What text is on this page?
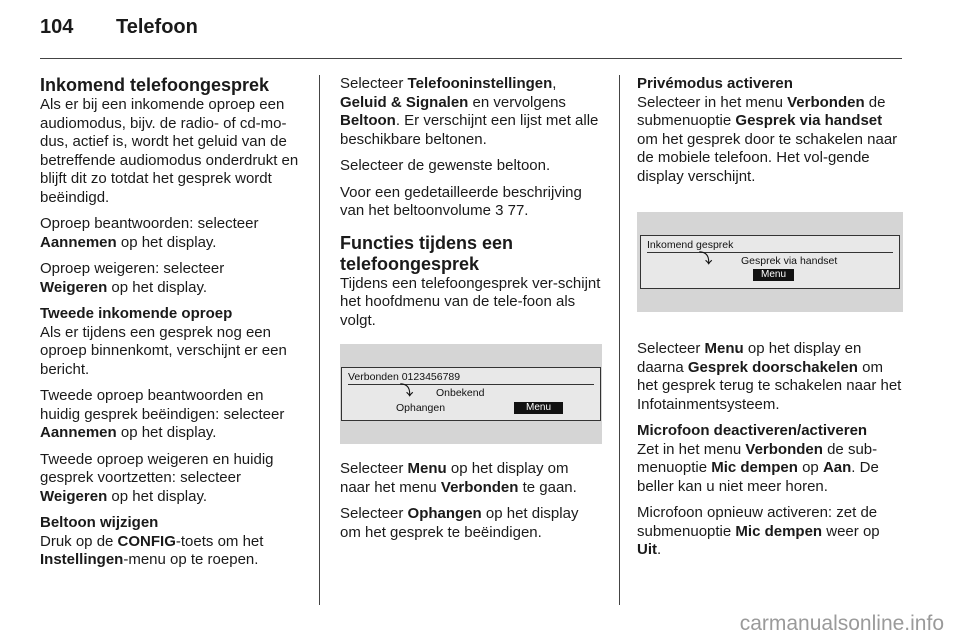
104 Telefoon
Inkomend telefoongesprek

Als er bij een inkomende oproep een audiomodus, bijv. de radio- of cd-mo-dus, actief is, wordt het geluid van de betreffende audiomodus onderdrukt en blijft dit zo totdat het gesprek wordt beëindigd.

Oproep beantwoorden: selecteer
Aannemen op het display.

Oproep weigeren: selecteer
Weigeren op het display.

Tweede inkomende oproep

Als er tijdens een gesprek nog een oproep binnenkomt, verschijnt er een bericht.

Tweede oproep beantwoorden en huidig gesprek beëindigen: selecteer
Aannemen op het display.

Tweede oproep weigeren en huidig gesprek voortzetten: selecteer
Weigeren op het display.

Beltoon wijzigen

Druk op de CONFIG-toets om het
Instellingen-menu op te roepen.

Selecteer Telefooninstellingen,
Geluid & Signalen en vervolgens
Beltoon. Er verschijnt een lijst met alle beschikbare beltonen.

Selecteer de gewenste beltoon.

Voor een gedetailleerde beschrijving van het beltoonvolume 3 77.

Functies tijdens een telefoongesprek

Tijdens een telefoongesprek ver-schijnt het hoofdmenu van de tele-foon als volgt.

Verbonden 0123456789
⤵ Onbekend
Ophangen	Menu

Selecteer Menu op het display om naar het menu Verbonden te gaan.

Selecteer Ophangen op het display om het gesprek te beëindigen.

Privémodus activeren

Selecteer in het menu Verbonden de submenuoptie Gesprek via handset om het gesprek door te schakelen naar de mobiele telefoon. Het vol-gende display verschijnt.

Inkomend gesprek
⤵	Gesprek via handset
Menu

Selecteer Menu op het display en daarna Gesprek doorschakelen om het gesprek terug te schakelen naar het Infotainmentsysteem.

Microfoon deactiveren/activeren

Zet in het menu Verbonden de sub-menuoptie Mic dempen op Aan. De beller kan u niet meer horen.

Microfoon opnieuw activeren: zet de submenuoptie Mic dempen weer op
Uit.

carmanualsonline.info
